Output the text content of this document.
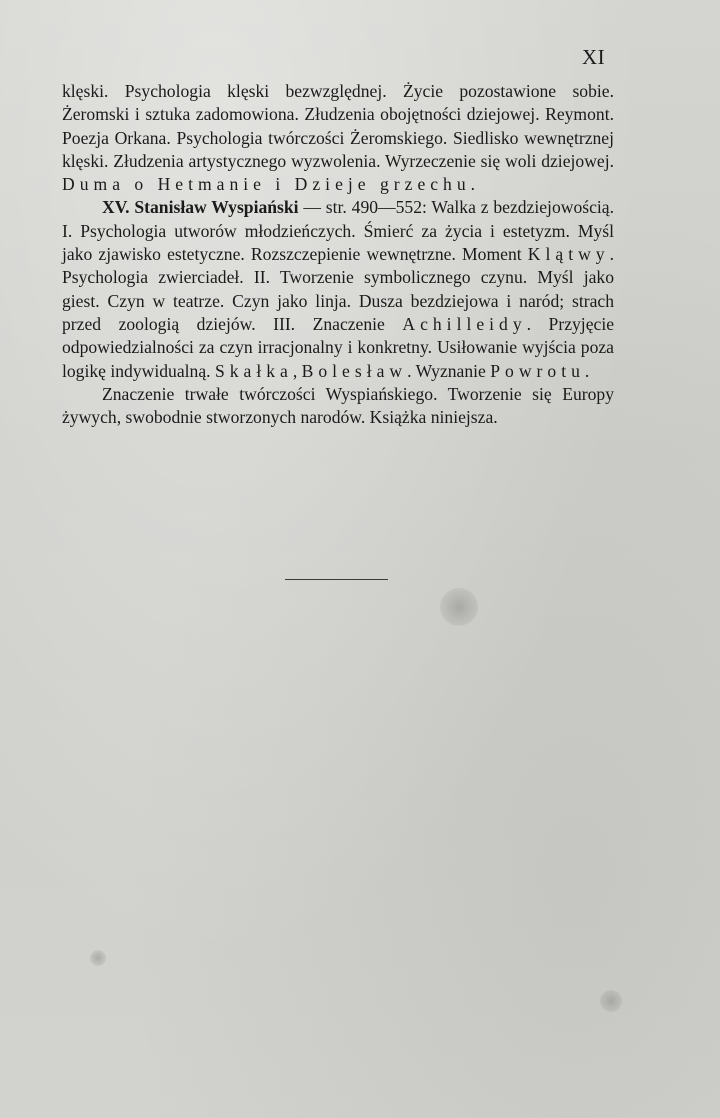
XI

klęski. Psychologia klęski bezwzględnej. Życie pozostawione sobie. Żeromski i sztuka zadomowiona. Złudzenia obojętności dziejowej. Reymont. Poezja Orkana. Psychologia twórczości Żeromskiego. Siedlisko wewnętrznej klęski. Złudzenia artystycznego wyzwolenia. Wyrzeczenie się woli dziejowej. Duma o Hetmanie i Dzieje grzechu.

XV. Stanisław Wyspiański — str. 490—552: Walka z bezdziejowością. I. Psychologia utworów młodzieńczych. Śmierć za życia i estetyzm. Myśl jako zjawisko estetyczne. Rozszczepienie wewnętrzne. Moment Klątwy. Psychologia zwierciadeł. II. Tworzenie symbolicznego czynu. Myśl jako giest. Czyn w teatrze. Czyn jako linja. Dusza bezdziejowa i naród; strach przed zoologią dziejów. III. Znaczenie Achilleidy. Przyjęcie odpowiedzialności za czyn irracjonalny i konkretny. Usiłowanie wyjścia poza logikę indywidualną. Skałka, Bolesław. Wyznanie Powrotu.

Znaczenie trwałe twórczości Wyspiańskiego. Tworzenie się Europy żywych, swobodnie stworzonych narodów. Książka niniejsza.
